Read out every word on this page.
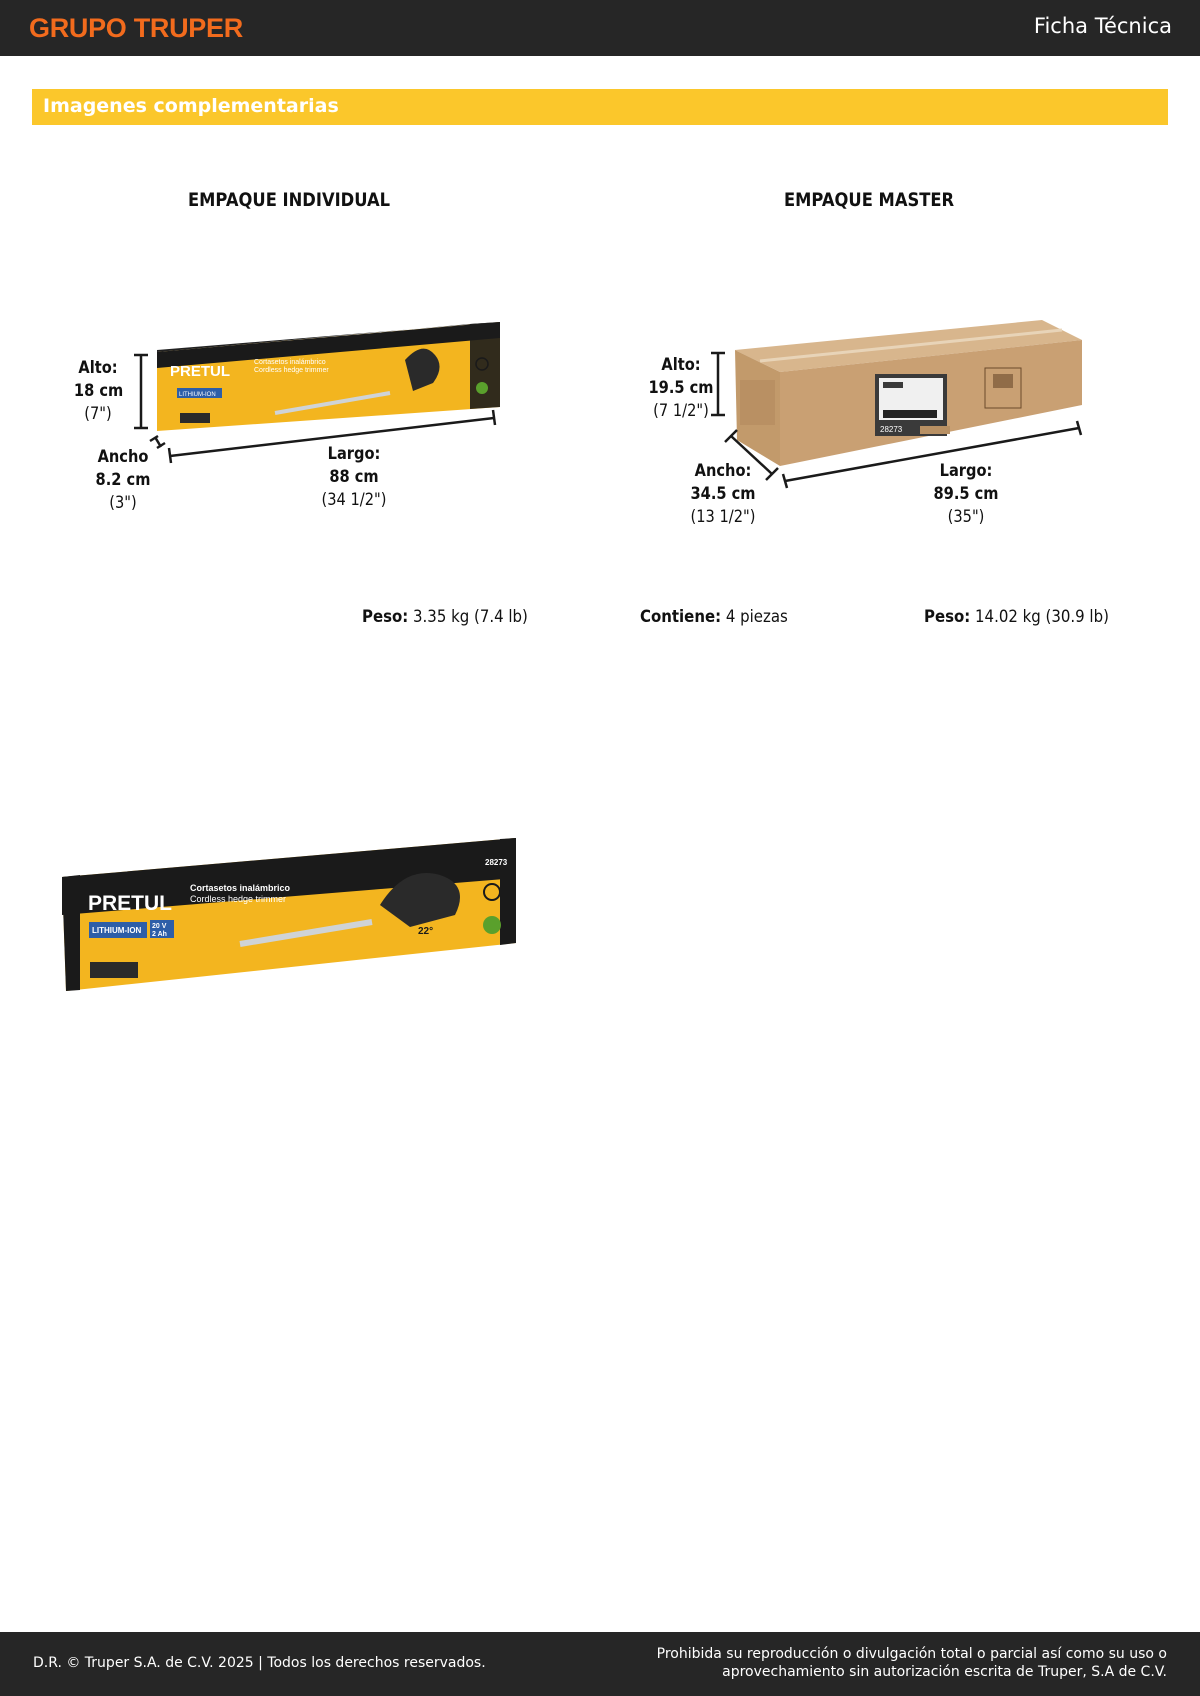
GRUPO TRUPER	Ficha Técnica
Imagenes complementarias
EMPAQUE INDIVIDUAL	EMPAQUE MASTER
PRETUL
Cortasetos inalámbrico
Cordless hedge trimmer
LITHIUM-ION
28273
PRETUL
Cortasetos inalámbrico
Cordless hedge trimmer
28273
LITHIUM-ION 20 V
2 Ah	22°
Alto:
18 cm
(7")
Ancho
8.2 cm
(3")
Largo:
88 cm
(34 1/2")
Alto:
19.5 cm
(7 1/2")
Ancho:
34.5 cm
(13 1/2")
Largo:
89.5 cm
(35")
Peso: 3.35 kg (7.4 lb)	Contiene: 4 piezas	Peso: 14.02 kg (30.9 lb)
D.R. © Truper S.A. de C.V. 2025 | Todos los derechos reservados.
Prohibida su reproducción o divulgación total o parcial así como su uso o aprovechamiento sin autorización escrita de Truper, S.A de C.V.
